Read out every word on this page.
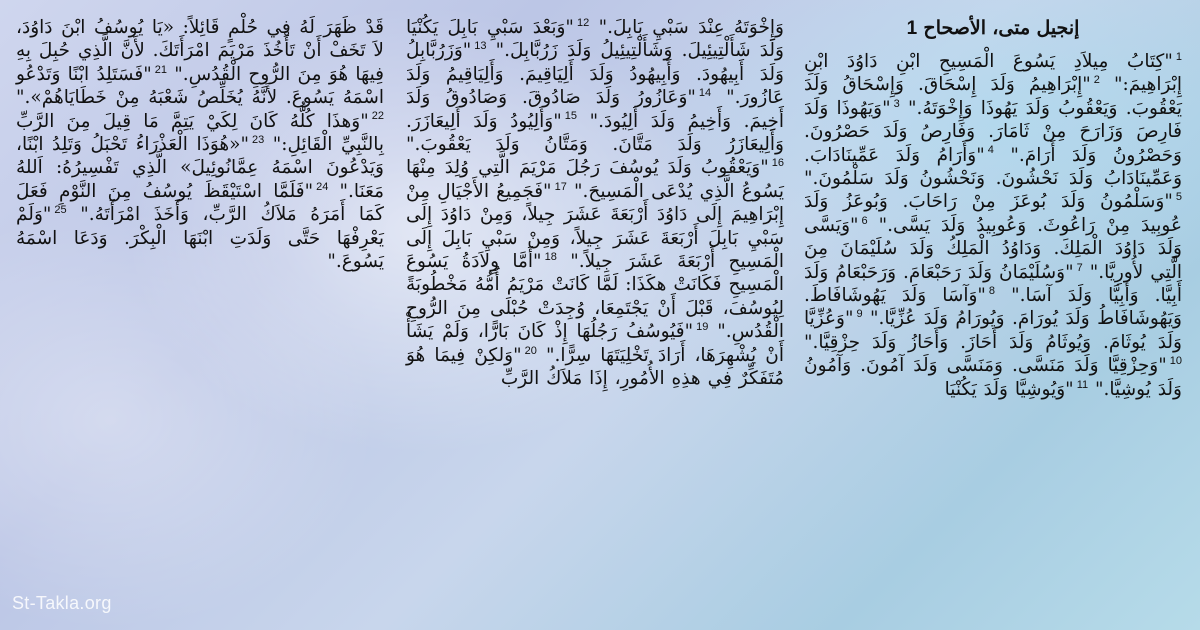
إنجيل متى، الأصحاح 1
$^1$"كِتَابُ مِيلاَدِ يَسُوعَ الْمَسِيحِ ابْنِ دَاوُدَ ابْنِ إِبْرَاهِيمَ:" $^2$"إِبْرَاهِيمُ وَلَدَ إِسْحَاقَ. وَإِسْحَاقُ وَلَدَ يَعْقُوبَ. وَيَعْقُوبُ وَلَدَ يَهُوذَا وَإِخْوَتَهُ." $^3$"وَيَهُوذَا وَلَدَ فَارِصَ وَزَارَحَ مِنْ ثَامَارَ. وَفَارِصُ وَلَدَ حَصْرُونَ. وَحَصْرُونُ وَلَدَ أَرَامَ." $^4$"وَأَرَامُ وَلَدَ عَمِّينَادَابَ. وَعَمِّينَادَابُ وَلَدَ نَحْشُونَ. وَنَحْشُونُ وَلَدَ سَلْمُونَ." $^5$"وَسَلْمُونُ وَلَدَ بُوعَزَ مِنْ رَاحَابَ. وَبُوعَزُ وَلَدَ عُوبِيدَ مِنْ رَاعُوثَ. وَعُوبِيدُ وَلَدَ يَسَّى." $^6$"وَيَسَّى وَلَدَ دَاوُدَ الْمَلِكَ. وَدَاوُدُ الْمَلِكُ وَلَدَ سُلَيْمَانَ مِنَ الَّتِي لأُورِيَّا." $^7$"وَسُلَيْمَانُ وَلَدَ رَحَبْعَامَ. وَرَحَبْعَامُ وَلَدَ أَبِيَّا. وَأَبِيَّا وَلَدَ آسَا." $^8$"وَآسَا وَلَدَ يَهُوشَافَاطَ. وَيَهُوشَافَاطُ وَلَدَ يُورَامَ. وَيُورَامُ وَلَدَ عُزِّيَّا." $^9$"وَعُزِّيَّا وَلَدَ يُوثَامَ. وَيُوثَامُ وَلَدَ أَحَازَ. وَأَحَازُ وَلَدَ حِزْقِيَّا." $^{10}$"وَحِزْقِيَّا وَلَدَ مَنَسَّى. وَمَنَسَّى وَلَدَ آمُونَ. وَآمُونُ وَلَدَ يُوشِيَّا." $^{11}$"وَيُوشِيَّا وَلَدَ يَكُنْيَا
وَإِخْوَتَهُ عِنْدَ سَبْيِ بَابِلَ." $^{12}$"وَبَعْدَ سَبْيِ بَابِلَ يَكُنْيَا وَلَدَ شَأَلْتِيئِيلَ. وَشَأَلْتِيئِيلُ وَلَدَ زَرُبَّابِلَ." $^{13}$"وَزَرُبَّابِلُ وَلَدَ أَبِيهُودَ. وَأَبِيهُودُ وَلَدَ أَلِيَاقِيمَ. وَأَلِيَاقِيمُ وَلَدَ عَازُورَ." $^{14}$"وَعَازُورُ وَلَدَ صَادُوقَ. وَصَادُوقُ وَلَدَ أَخِيمَ. وَأَخِيمُ وَلَدَ أَلِيُودَ." $^{15}$"وَأَلِيُودُ وَلَدَ أَلِيعَازَرَ. وَأَلِيعَازَرُ وَلَدَ مَتَّانَ. وَمَتَّانُ وَلَدَ يَعْقُوبَ." $^{16}$"وَيَعْقُوبُ وَلَدَ يُوسُفَ رَجُلَ مَرْيَمَ الَّتِي وُلِدَ مِنْهَا يَسُوعُ الَّذِي يُدْعَى الْمَسِيحَ." $^{17}$"فَجَمِيعُ الأَجْيَالِ مِنْ إِبْرَاهِيمَ إِلَى دَاوُدَ أَرْبَعَةَ عَشَرَ جِيلاً، وَمِنْ دَاوُدَ إِلَى سَبْيِ بَابِلَ أَرْبَعَةَ عَشَرَ جِيلاً، وَمِنْ سَبْيِ بَابِلَ إِلَى الْمَسِيحِ أَرْبَعَةَ عَشَرَ جِيلاً." $^{18}$"أَمَّا وِلاَدَةُ يَسُوعَ الْمَسِيحِ فَكَانَتْ هكَذَا: لَمَّا كَانَتْ مَرْيَمُ أُمُّهُ مَخْطُوبَةً لِيُوسُفَ، قَبْلَ أَنْ يَجْتَمِعَا، وُجِدَتْ حُبْلَى مِنَ الرُّوحِ الْقُدُسِ." $^{19}$"فَيُوسُفُ رَجُلُهَا إِذْ كَانَ بَارًّا، وَلَمْ يَشَأْ أَنْ يُشْهِرَهَا، أَرَادَ تَخْلِيَتَهَا سِرًّا." $^{20}$"وَلكِنْ فِيمَا هُوَ مُتَفَكِّرٌ فِي هذِهِ الأُمُورِ، إِذَا مَلاَكُ الرَّبِّ
قَدْ ظَهَرَ لَهُ فِي حُلْمٍ قَائِلاً: «يَا يُوسُفُ ابْنَ دَاوُدَ، لاَ تَخَفْ أَنْ تَأْخُذَ مَرْيَمَ امْرَأَتَكَ. لأَنَّ الَّذِي حُبِلَ بِهِ فِيهَا هُوَ مِنَ الرُّوحِ الْقُدُسِ." $^{21}$"فَسَتَلِدُ ابْنًا وَتَدْعُو اسْمَهُ يَسُوعَ. لأَنَّهُ يُخَلِّصُ شَعْبَهُ مِنْ خَطَايَاهُمْ»." $^{22}$"وَهذَا كُلُّهُ كَانَ لِكَيْ يَتِمَّ مَا قِيلَ مِنَ الرَّبِّ بِالنَّبِيِّ الْقَائِلِ:" $^{23}$"«هُوَذَا الْعَذْرَاءُ تَحْبَلُ وَتَلِدُ ابْنًا، وَيَدْعُونَ اسْمَهُ عِمَّانُوئِيلَ» الَّذِي تَفْسِيرُهُ: اَللهُ مَعَنَا." $^{24}$"فَلَمَّا اسْتَيْقَظَ يُوسُفُ مِنَ النَّوْمِ فَعَلَ كَمَا أَمَرَهُ مَلاَكُ الرَّبِّ، وَأَخَذَ امْرَأَتَهُ." $^{25}$"وَلَمْ يَعْرِفْهَا حَتَّى وَلَدَتِ ابْنَهَا الْبِكْرَ. وَدَعَا اسْمَهُ يَسُوعَ."
St-Takla.org
